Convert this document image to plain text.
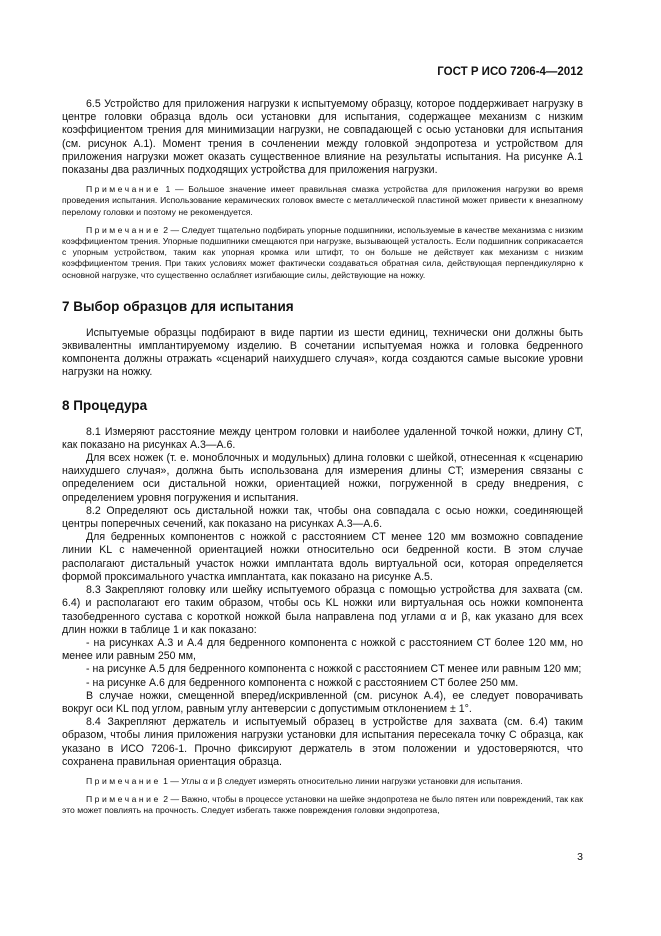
ГОСТ Р ИСО 7206-4—2012

6.5 Устройство для приложения нагрузки к испытуемому образцу, которое поддерживает нагрузку в центре головки образца вдоль оси установки для испытания, содержащее механизм с низким коэффициентом трения для минимизации нагрузки, не совпадающей с осью установки для испытания (см. рисунок А.1). Момент трения в сочленении между головкой эндопротеза и устройством для приложения нагрузки может оказать существенное влияние на результаты испытания. На рисунке А.1 показаны два различных подходящих устройства для приложения нагрузки.

Примечание 1 — Большое значение имеет правильная смазка устройства для приложения нагрузки во время проведения испытания. Использование керамических головок вместе с металлической пластиной может привести к внезапному перелому головки и поэтому не рекомендуется.

Примечание 2 — Следует тщательно подбирать упорные подшипники, используемые в качестве механизма с низким коэффициентом трения. Упорные подшипники смещаются при нагрузке, вызывающей усталость. Если подшипник соприкасается с упорным устройством, таким как упорная кромка или штифт, то он больше не действует как механизм с низким коэффициентом трения. При таких условиях может фактически создаваться обратная сила, действующая перпендикулярно к основной нагрузке, что существенно ослабляет изгибающие силы, действующие на ножку.

7 Выбор образцов для испытания

Испытуемые образцы подбирают в виде партии из шести единиц, технически они должны быть эквивалентны имплантируемому изделию. В сочетании испытуемая ножка и головка бедренного компонента должны отражать «сценарий наихудшего случая», когда создаются самые высокие уровни нагрузки на ножку.

8 Процедура

8.1 Измеряют расстояние между центром головки и наиболее удаленной точкой ножки, длину CT, как показано на рисунках А.3—А.6.

Для всех ножек (т. е. моноблочных и модульных) длина головки с шейкой, отнесенная к «сценарию наихудшего случая», должна быть использована для измерения длины CT; измерения связаны с определением оси дистальной ножки, ориентацией ножки, погруженной в среду внедрения, с определением уровня погружения и испытания.

8.2 Определяют ось дистальной ножки так, чтобы она совпадала с осью ножки, соединяющей центры поперечных сечений, как показано на рисунках А.3—А.6.

Для бедренных компонентов с ножкой с расстоянием CT менее 120 мм возможно совпадение линии KL с намеченной ориентацией ножки относительно оси бедренной кости. В этом случае располагают дистальный участок ножки имплантата вдоль виртуальной оси, которая определяется формой проксимального участка имплантата, как показано на рисунке А.5.

8.3 Закрепляют головку или шейку испытуемого образца с помощью устройства для захвата (см. 6.4) и располагают его таким образом, чтобы ось KL ножки или виртуальная ось ножки компонента тазобедренного сустава с короткой ножкой была направлена под углами α и β, как указано для всех длин ножки в таблице 1 и как показано:

- на рисунках А.3 и А.4 для бедренного компонента с ножкой с расстоянием CT более 120 мм, но менее или равным 250 мм,

- на рисунке А.5 для бедренного компонента с ножкой с расстоянием CT менее или равным 120 мм;

- на рисунке А.6 для бедренного компонента с ножкой с расстоянием CT более 250 мм.

В случае ножки, смещенной вперед/искривленной (см. рисунок А.4), ее следует поворачивать вокруг оси KL под углом, равным углу антеверсии с допустимым отклонением ± 1°.

8.4 Закрепляют держатель и испытуемый образец в устройстве для захвата (см. 6.4) таким образом, чтобы линия приложения нагрузки установки для испытания пересекала точку C образца, как указано в ИСО 7206-1. Прочно фиксируют держатель в этом положении и удостоверяются, что сохранена правильная ориентация образца.

Примечание 1 — Углы α и β следует измерять относительно линии нагрузки установки для испытания.

Примечание 2 — Важно, чтобы в процессе установки на шейке эндопротеза не было пятен или повреждений, так как это может повлиять на прочность. Следует избегать также повреждения головки эндопротеза,

3
